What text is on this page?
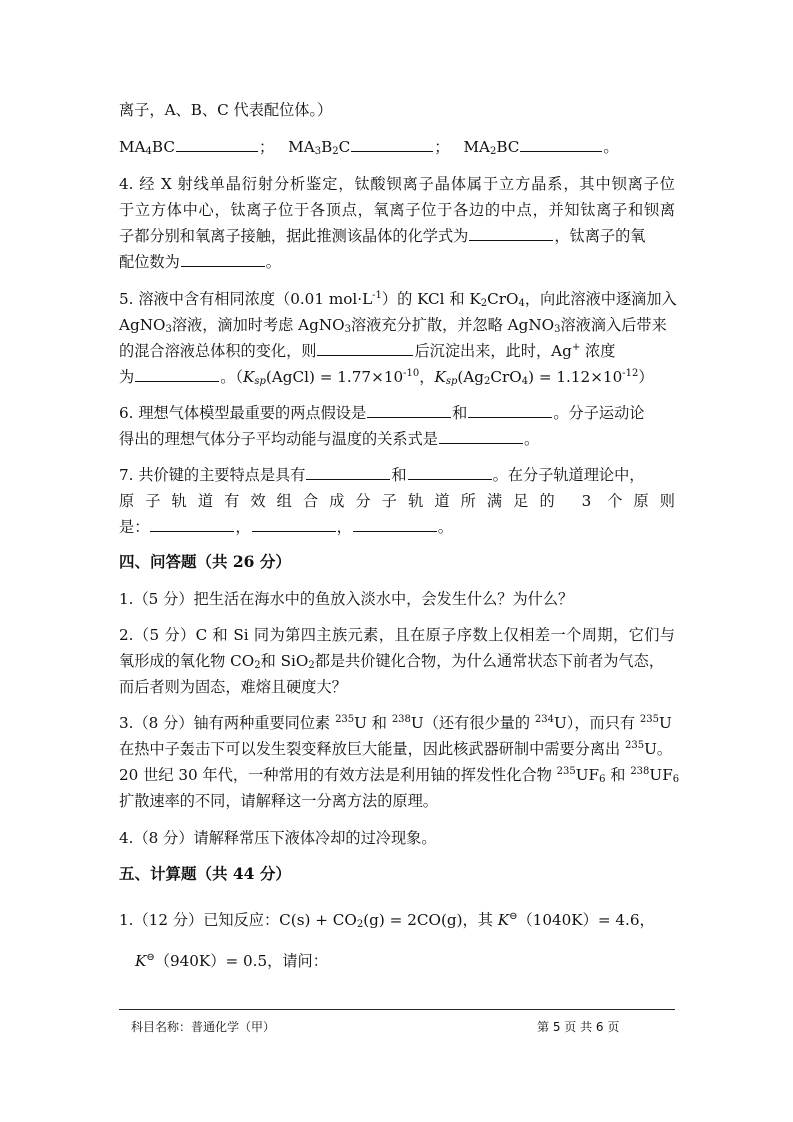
离子，A、B、C 代表配位体。）
$MA_4BC$	； $MA_3B_2C$	； $MA_2BC$	。
4. 经 X 射线单晶衍射分析鉴定，钛酸钡离子晶体属于立方晶系，其中钡离子位
于立方体中心，钛离子位于各顶点，氧离子位于各边的中点，并知钛离子和钡离
子都分别和氧离子接触，据此推测该晶体的化学式为	，钛离子的氧
配位数为	。
5. 溶液中含有相同浓度（0.01 $mol\cdot L^{-1}$）的 KCl 和 $K_2CrO_4$，向此溶液中逐滴加入
AgNO$_3$溶液，滴加时考虑 AgNO$_3$溶液充分扩散，并忽略 AgNO$_3$溶液滴入后带来
的混合溶液总体积的变化，则	后沉淀出来，此时，Ag+ 浓度
为	。（$K_{sp}(AgCl) = 1.77\times 10^{-10}$，$K_{sp}(Ag_2CrO_4) = 1.12\times 10^{-12}$）
6. 理想气体模型最重要的两点假设是	和	。分子运动论
得出的理想气体分子平均动能与温度的关系式是	。
7. 共价键的主要特点是具有	和	。在分子轨道理论中，
原子轨道有效组合成分子轨道所满足的 3 个原则
是：	，	，	。
四、问答题（共 26 分）
1.（5 分）把生活在海水中的鱼放入淡水中，会发生什么？为什么？
2.（5 分）C 和 Si 同为第四主族元素，且在原子序数上仅相差一个周期，它们与
氧形成的氧化物 $CO_2$和 SiO$_2$都是共价键化合物，为什么通常状态下前者为气态，
而后者则为固态，难熔且硬度大？
3.（8 分）铀有两种重要同位素 $^{235}$U 和 $^{238}$U（还有很少量的 $^{234}$U），而只有 $^{235}$U
在热中子轰击下可以发生裂变释放巨大能量，因此核武器研制中需要分离出 $^{235}$U。
20 世纪 30 年代，一种常用的有效方法是利用铀的挥发性化合物 $^{235}UF_6$ 和 $^{238}UF_6$
扩散速率的不同，请解释这一分离方法的原理。
4.（8 分）请解释常压下液体冷却的过冷现象。
五、计算题（共 44 分）
1.（12 分）已知反应：$C(s) + CO_2(g) = 2CO(g)$，其 K⊖（1040K）= 4.6，
K⊖（940K）= 0.5，请问：
科目名称：普通化学（甲）	第 5 页 共 6 页
